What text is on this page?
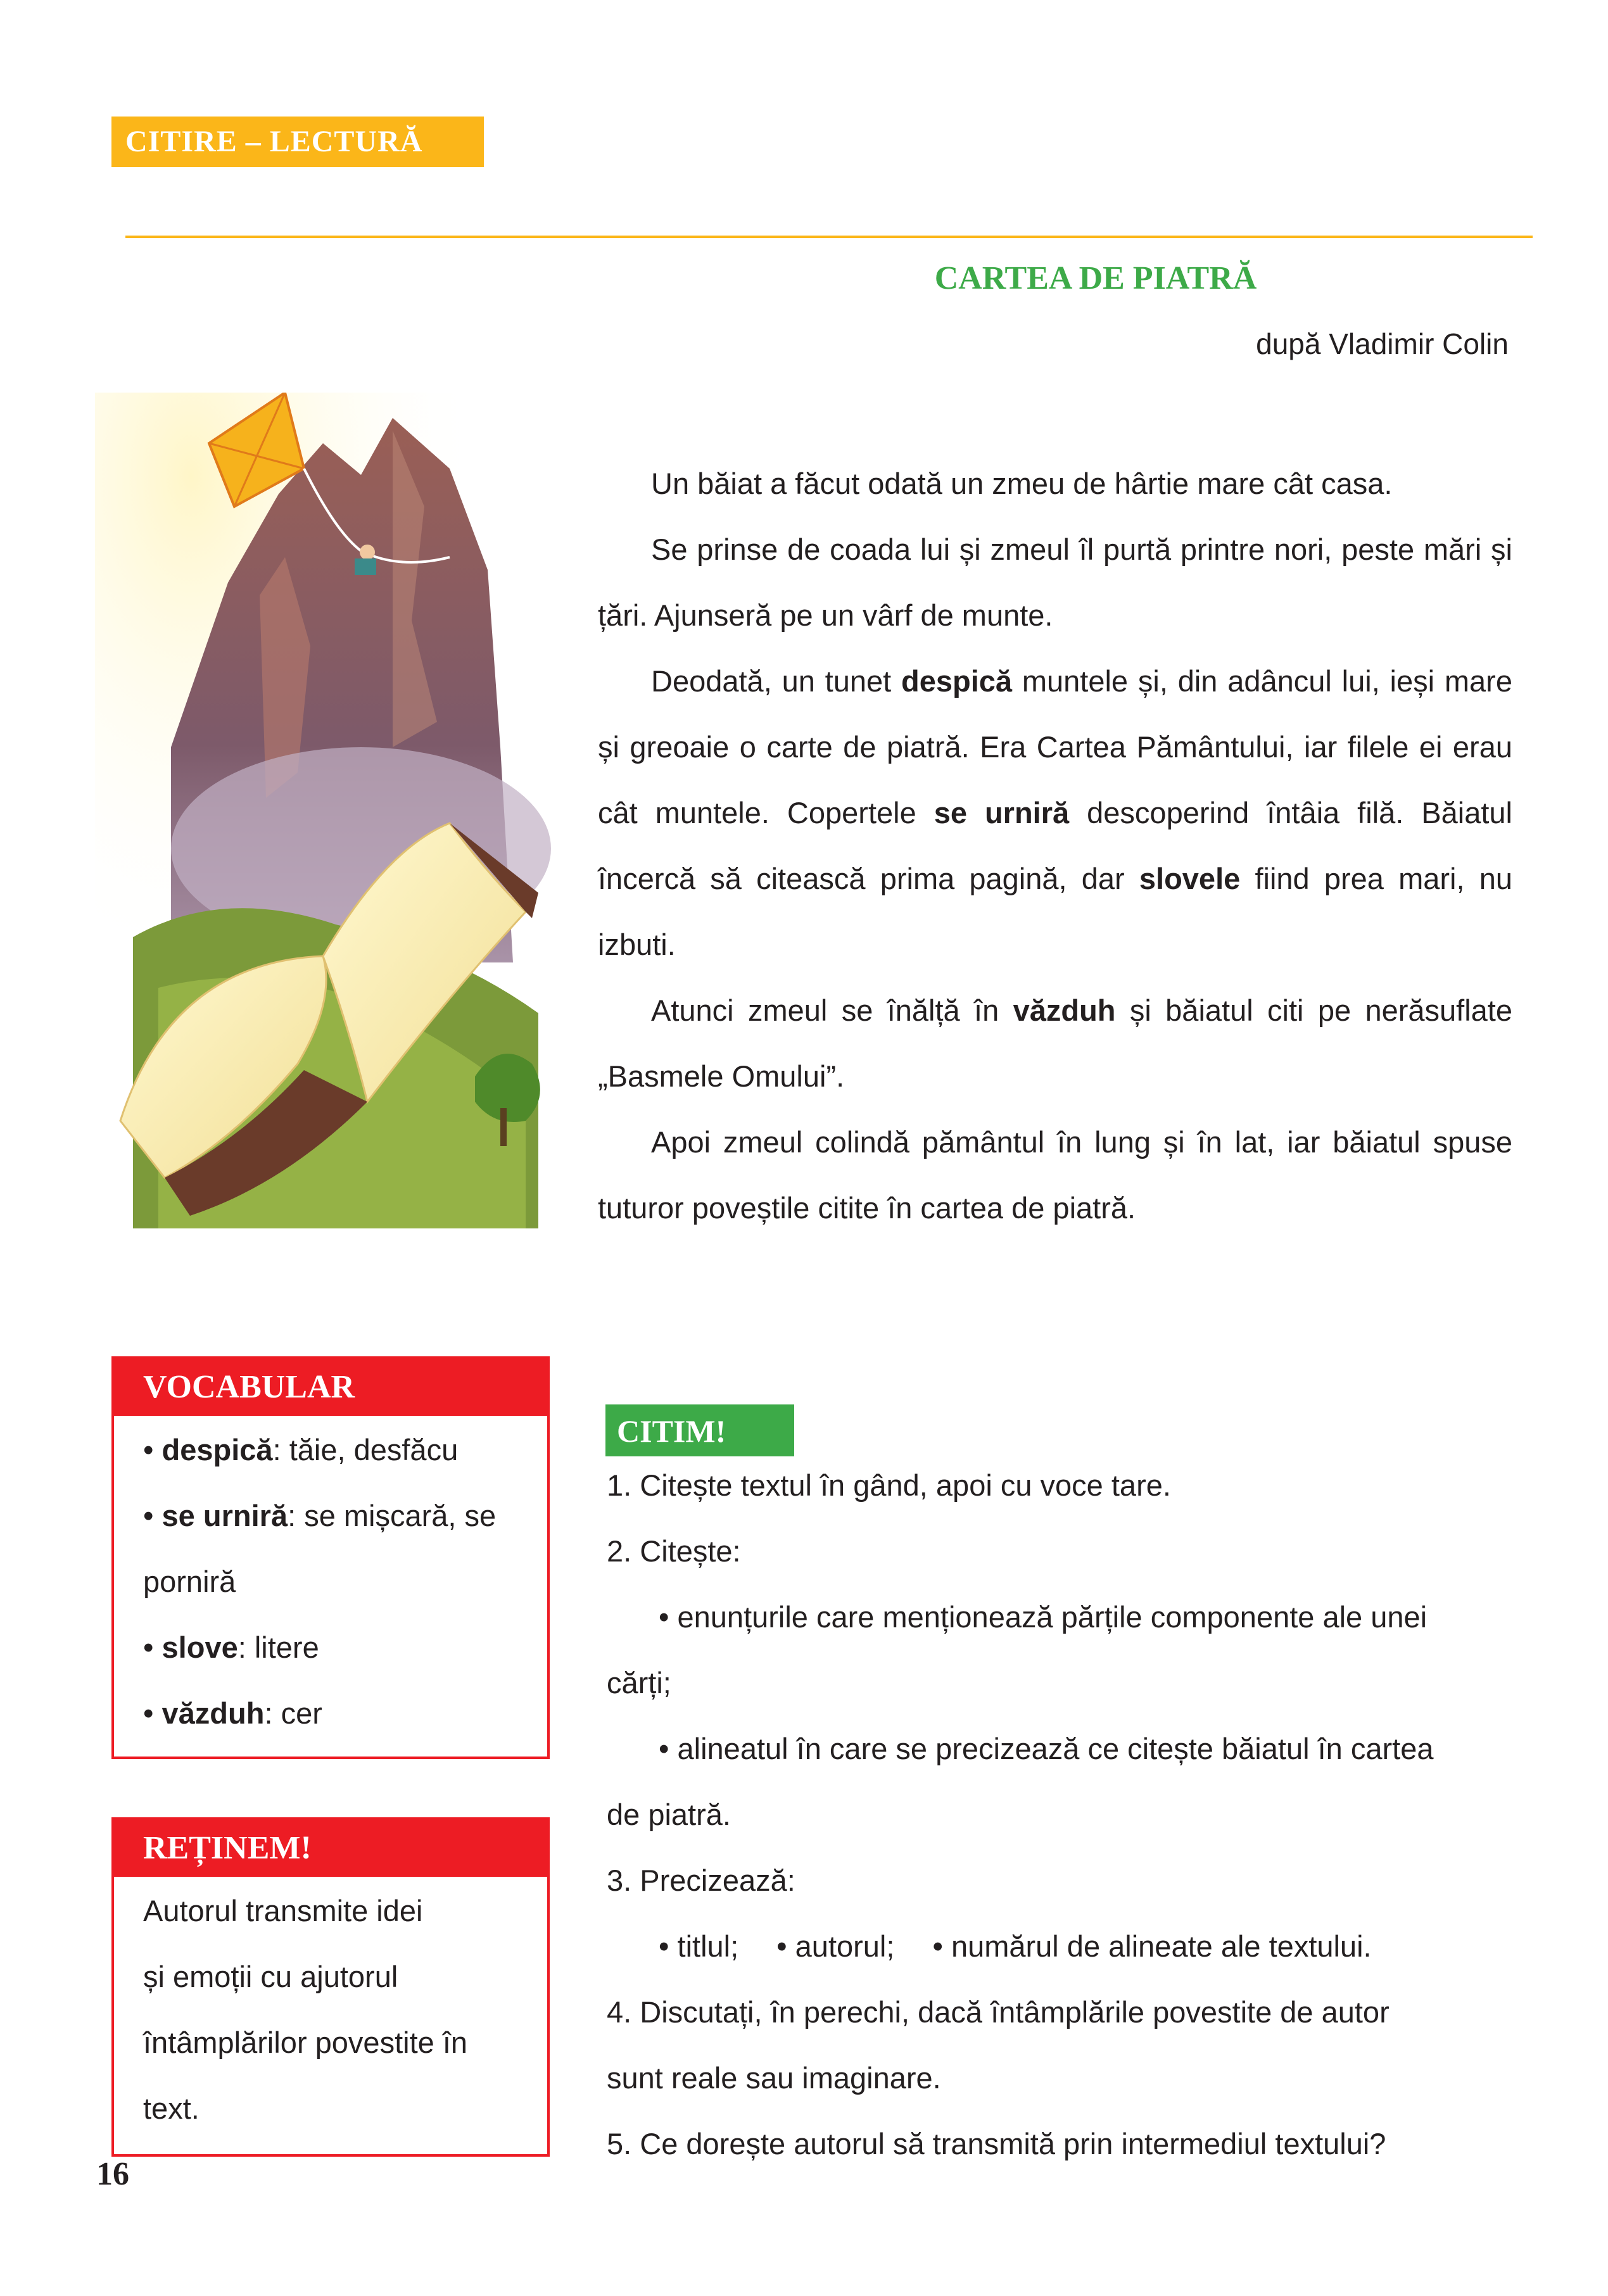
CITIRE – LECTURĂ
CARTEA DE PIATRĂ
după Vladimir Colin

Un băiat a făcut odată un zmeu de hârtie mare cât casa.

Se prinse de coada lui și zmeul îl purtă printre nori, peste mări și țări. Ajunseră pe un vârf de munte.

Deodată, un tunet despică muntele și, din adâncul lui, ieși mare și greoaie o carte de piatră. Era Cartea Pământului, iar filele ei erau cât muntele. Copertele se urniră descoperind întâia filă. Băiatul încercă să citească prima pagină, dar slovele fiind prea mari, nu izbuti.

Atunci zmeul se înălță în văzduh și băiatul citi pe nerăsuflate „Basmele Omului”.

Apoi zmeul colindă pământul în lung și în lat, iar băiatul spuse tuturor poveștile citite în cartea de piatră.

VOCABULAR
• despică: tăie, desfăcu
• se urniră: se mișcară, se
porniră
• slove: litere
• văzduh: cer
REȚINEM!
Autorul transmite idei
și emoții cu ajutorul
întâmplărilor povestite în
text.
CITIM!
1. Citește textul în gând, apoi cu voce tare.
2. Citește:
• enunțurile care menționează părțile componente ale unei
cărți;
• alineatul în care se precizează ce citește băiatul în cartea
de piatră.
3. Precizează:
• titlul; • autorul; • numărul de alineate ale textului.
4. Discutați, în perechi, dacă întâmplările povestite de autor
sunt reale sau imaginare.
5. Ce dorește autorul să transmită prin intermediul textului?
16
